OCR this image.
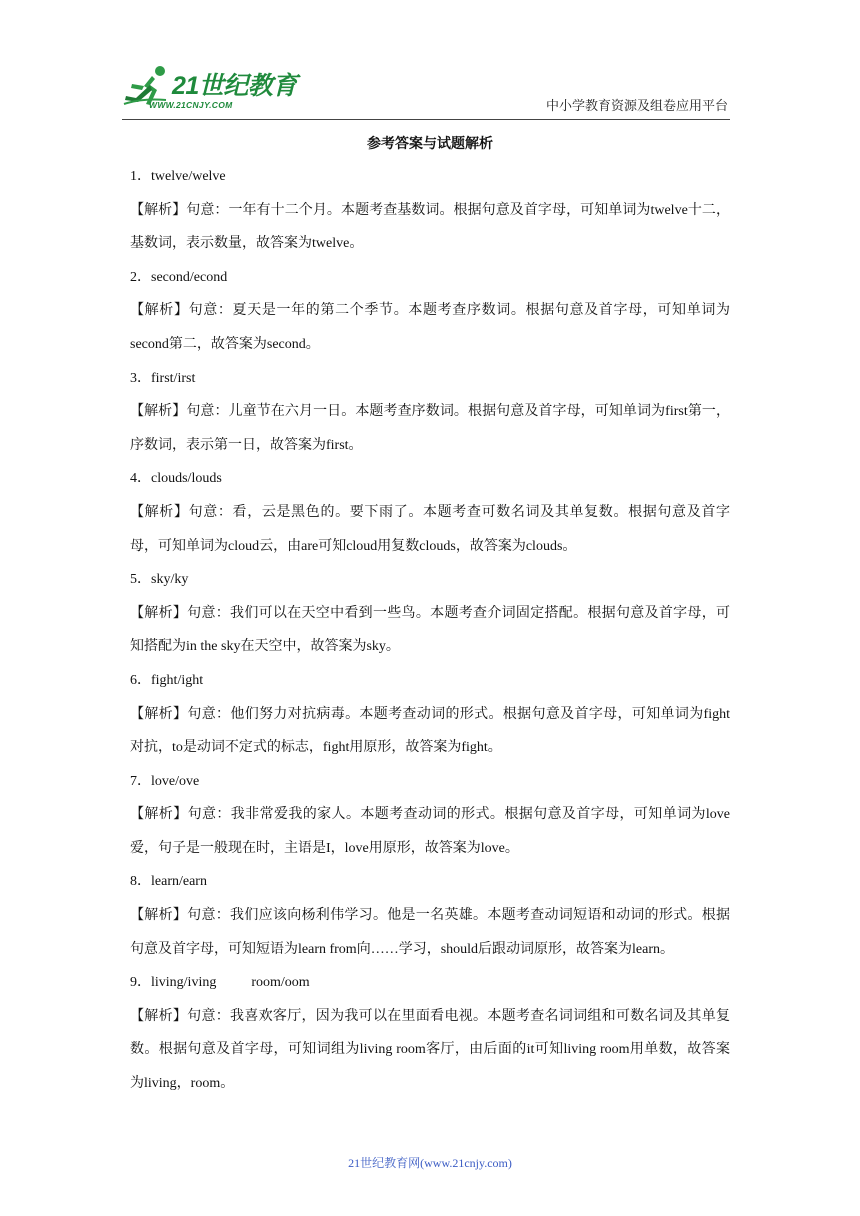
21世纪教育
WWW.21CNJY.COM	中小学教育资源及组卷应用平台
参考答案与试题解析
1．twelve/welve
【解析】句意：一年有十二个月。本题考查基数词。根据句意及首字母，可知单词为twelve十二，基数词，表示数量，故答案为twelve。
2．second/econd
【解析】句意：夏天是一年的第二个季节。本题考查序数词。根据句意及首字母，可知单词为second第二，故答案为second。
3．first/irst
【解析】句意：儿童节在六月一日。本题考查序数词。根据句意及首字母，可知单词为first第一，序数词，表示第一日，故答案为first。
4．clouds/louds
【解析】句意：看，云是黑色的。要下雨了。本题考查可数名词及其单复数。根据句意及首字母，可知单词为cloud云，由are可知cloud用复数clouds，故答案为clouds。
5．sky/ky
【解析】句意：我们可以在天空中看到一些鸟。本题考查介词固定搭配。根据句意及首字母，可知搭配为in the sky在天空中，故答案为sky。
6．fight/ight
【解析】句意：他们努力对抗病毒。本题考查动词的形式。根据句意及首字母，可知单词为fight对抗，to是动词不定式的标志，fight用原形，故答案为fight。
7．love/ove
【解析】句意：我非常爱我的家人。本题考查动词的形式。根据句意及首字母，可知单词为love爱，句子是一般现在时，主语是I，love用原形，故答案为love。
8．learn/earn
【解析】句意：我们应该向杨利伟学习。他是一名英雄。本题考查动词短语和动词的形式。根据句意及首字母，可知短语为learn from向……学习，should后跟动词原形，故答案为learn。
9．living/iving          room/oom
【解析】句意：我喜欢客厅，因为我可以在里面看电视。本题考查名词词组和可数名词及其单复数。根据句意及首字母，可知词组为living room客厅，由后面的it可知living room用单数，故答案为living，room。
21世纪教育网(www.21cnjy.com)
